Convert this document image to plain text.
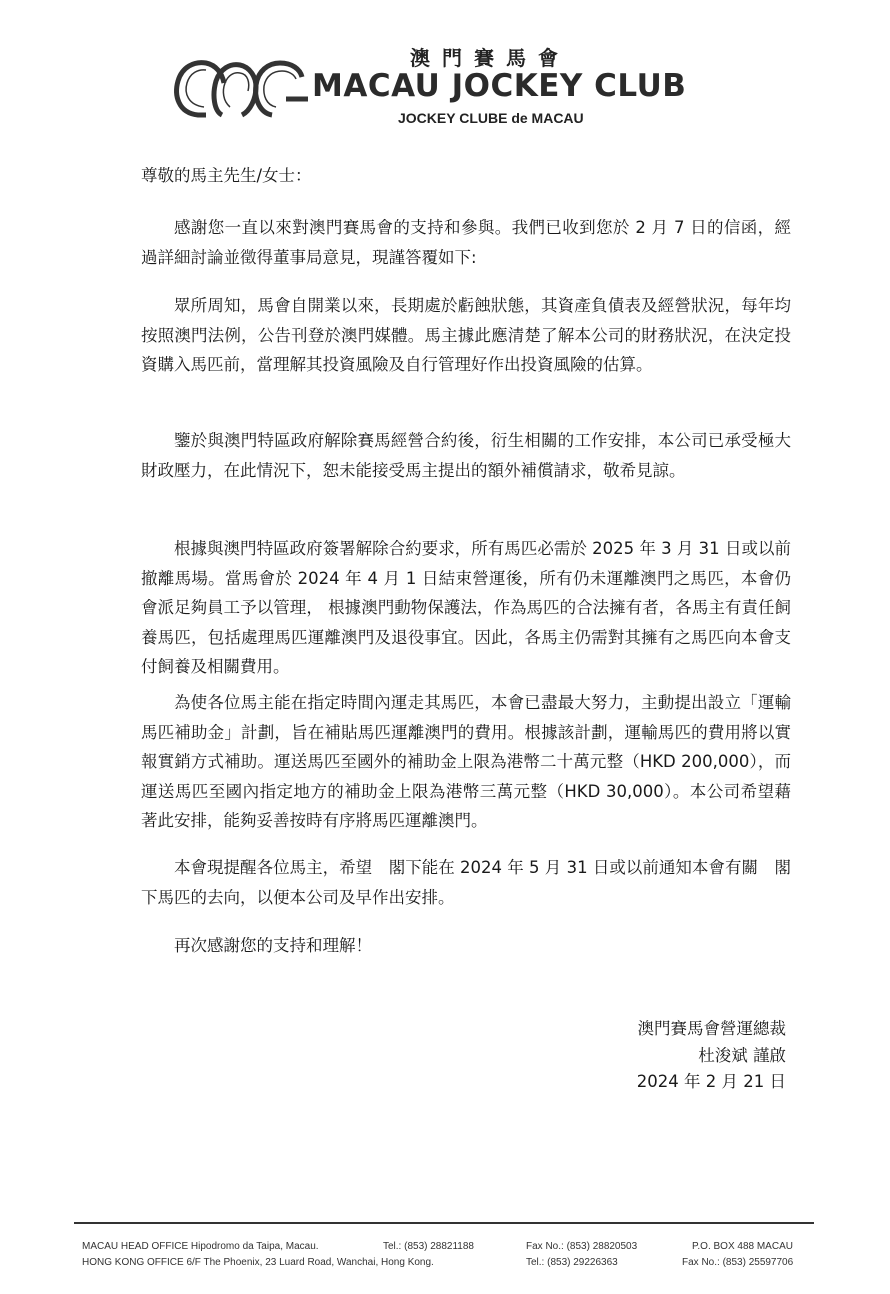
澳門賽馬會
MACAU JOCKEY CLUB
JOCKEY CLUBE de MACAU
尊敬的馬主先生/女士：

感謝您一直以來對澳門賽馬會的支持和參與。我們已收到您於 2 月 7 日的信函，經過詳細討論並徵得董事局意見，現謹答覆如下:

眾所周知，馬會自開業以來，長期處於虧蝕狀態，其資產負債表及經營狀況，每年均按照澳門法例，公告刊登於澳門媒體。馬主據此應清楚了解本公司的財務狀況，在決定投資購入馬匹前，當理解其投資風險及自行管理好作出投資風險的估算。

鑒於與澳門特區政府解除賽馬經營合約後，衍生相關的工作安排，本公司已承受極大財政壓力，在此情況下，恕未能接受馬主提出的額外補償請求，敬希見諒。

根據與澳門特區政府簽署解除合約要求，所有馬匹必需於 2025 年 3 月 31 日或以前撤離馬場。當馬會於 2024 年 4 月 1 日結束營運後，所有仍未運離澳門之馬匹，本會仍會派足夠員工予以管理， 根據澳門動物保護法，作為馬匹的合法擁有者，各馬主有責任飼養馬匹，包括處理馬匹運離澳門及退役事宜。因此，各馬主仍需對其擁有之馬匹向本會支付飼養及相關費用。

為使各位馬主能在指定時間內運走其馬匹，本會已盡最大努力，主動提出設立「運輸馬匹補助金」計劃，旨在補貼馬匹運離澳門的費用。根據該計劃，運輸馬匹的費用將以實報實銷方式補助。運送馬匹至國外的補助金上限為港幣二十萬元整（HKD 200,000），而運送馬匹至國內指定地方的補助金上限為港幣三萬元整（HKD 30,000）。本公司希望藉著此安排，能夠妥善按時有序將馬匹運離澳門。

本會現提醒各位馬主，希望　閣下能在 2024 年 5 月 31 日或以前通知本會有關　閣下馬匹的去向，以便本公司及早作出安排。

再次感謝您的支持和理解！

澳門賽馬會營運總裁
杜浚斌 謹啟
2024 年 2 月 21 日
MACAU HEAD OFFICE Hipodromo da Taipa, Macau.	Tel.: (853) 28821188	Fax No.: (853) 28820503	P.O. BOX 488 MACAU
HONG KONG OFFICE 6/F The Phoenix, 23 Luard Road, Wanchai, Hong Kong.	Tel.: (853) 29226363	Fax No.: (853) 25597706
